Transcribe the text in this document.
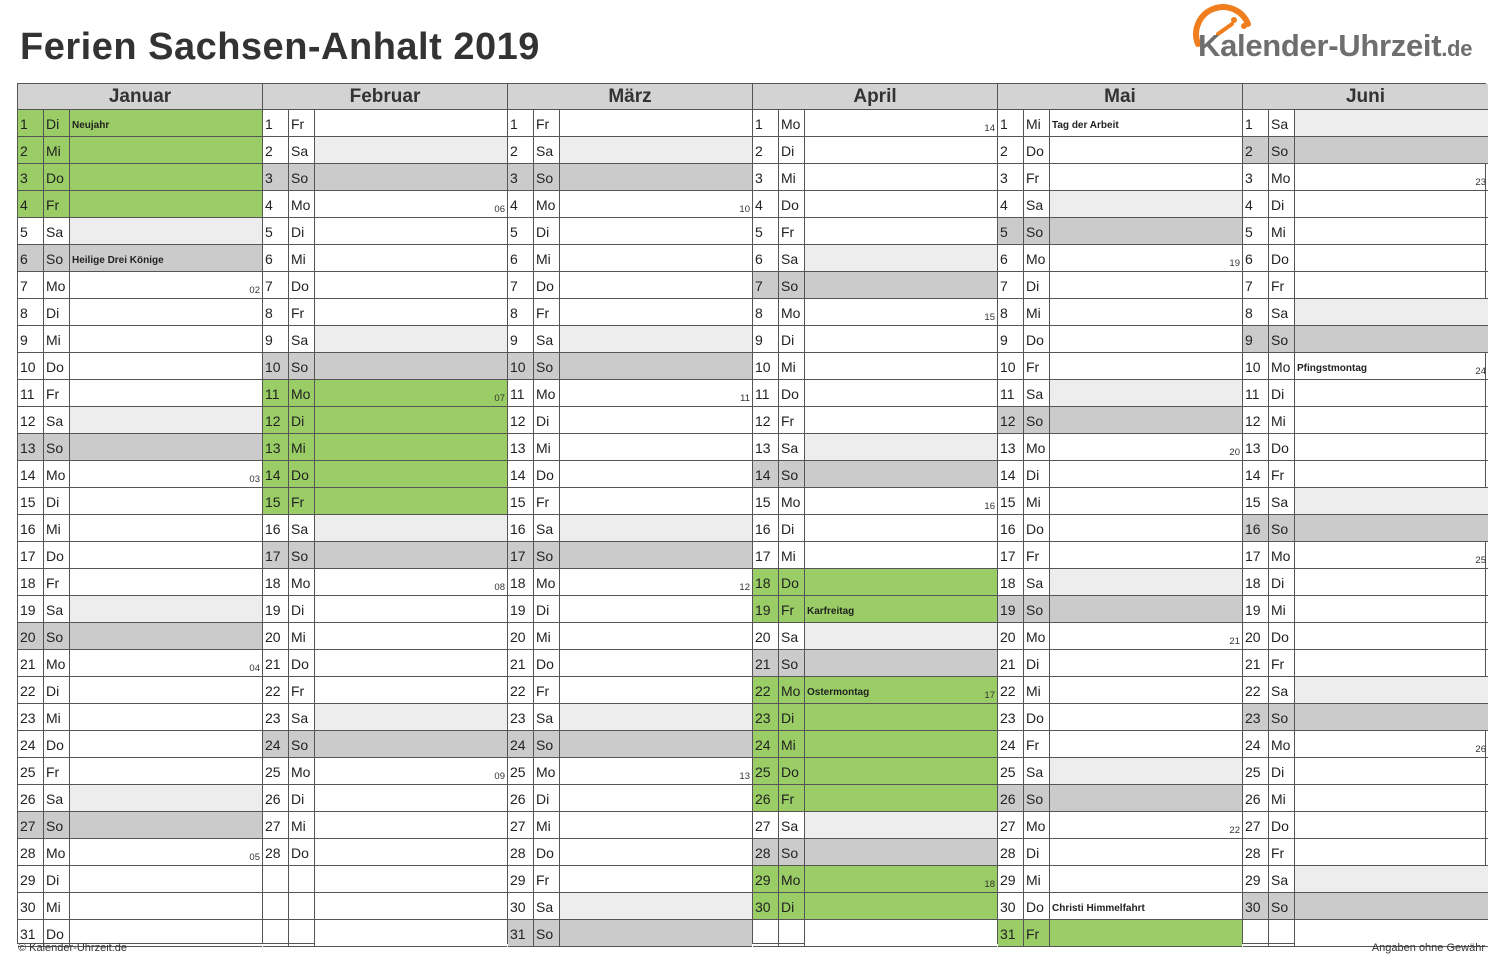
Ferien Sachsen-Anhalt 2019	Kalender-Uhrzeit.de
Januar
1	Di	Neujahr
2	Mi
3	Do
4	Fr
5	Sa
6	So Heilige Drei Könige
7	Mo	02
8	Di
9	Mi
10 Do
11 Fr
12 Sa
13 So
14 Mo	03
15 Di
16 Mi
17 Do
18 Fr
19 Sa
20 So
21 Mo	04
22 Di
23 Mi
24 Do
25 Fr
26 Sa
27 So
28 Mo	05
29 Di
30 Mi
31 Do
Februar
1	Fr
2	Sa
3	So
4	Mo	06
5	Di
6	Mi
7	Do
8	Fr
9	Sa
10 So
11 Mo	07
12 Di
13 Mi
14 Do
15 Fr
16 Sa
17 So
18 Mo	08
19 Di
20 Mi
21 Do
22 Fr
23 Sa
24 So
25 Mo	09
26 Di
27 Mi
28 Do
März
1	Fr
2	Sa
3	So
4	Mo	10
5	Di
6	Mi
7	Do
8	Fr
9	Sa
10 So
11 Mo	11
12 Di
13 Mi
14 Do
15 Fr
16 Sa
17 So
18 Mo	12
19 Di
20 Mi
21 Do
22 Fr
23 Sa
24 So
25 Mo	13
26 Di
27 Mi
28 Do
29 Fr
30 Sa
31 So
April
1	Mo	14
2	Di
3	Mi
4	Do
5	Fr
6	Sa
7	So
8	Mo	15
9	Di
10 Mi
11 Do
12 Fr
13 Sa
14 So
15 Mo	16
16 Di
17 Mi
18 Do
19 Fr	Karfreitag
20 Sa
21 So
22 Mo Ostermontag	17
23 Di
24 Mi
25 Do
26 Fr
27 Sa
28 So
29 Mo	18
30 Di
Mai
1	Mi	Tag der Arbeit
2	Do
3	Fr
4	Sa
5	So
6	Mo	19
7	Di
8	Mi
9	Do
10 Fr
11 Sa
12 So
13 Mo	20
14 Di
15 Mi
16 Do
17 Fr
18 Sa
19 So
20 Mo	21
21 Di
22 Mi
23 Do
24 Fr
25 Sa
26 So
27 Mo	22
28 Di
29 Mi
30 Do Christi Himmelfahrt
31 Fr
Juni
1	Sa
2	So
3	Mo	23
4	Di
5	Mi
6	Do
7	Fr
8	Sa
9	So
10 Mo Pfingstmontag	24
11 Di
12 Mi
13 Do
14 Fr
15 Sa
16 So
17 Mo	25
18 Di
19 Mi
20 Do
21 Fr
22 Sa
23 So
24 Mo	26
25 Di
26 Mi
27 Do
28 Fr
29 Sa
30 So
© Kalender-Uhrzeit.de	Angaben ohne Gewähr
